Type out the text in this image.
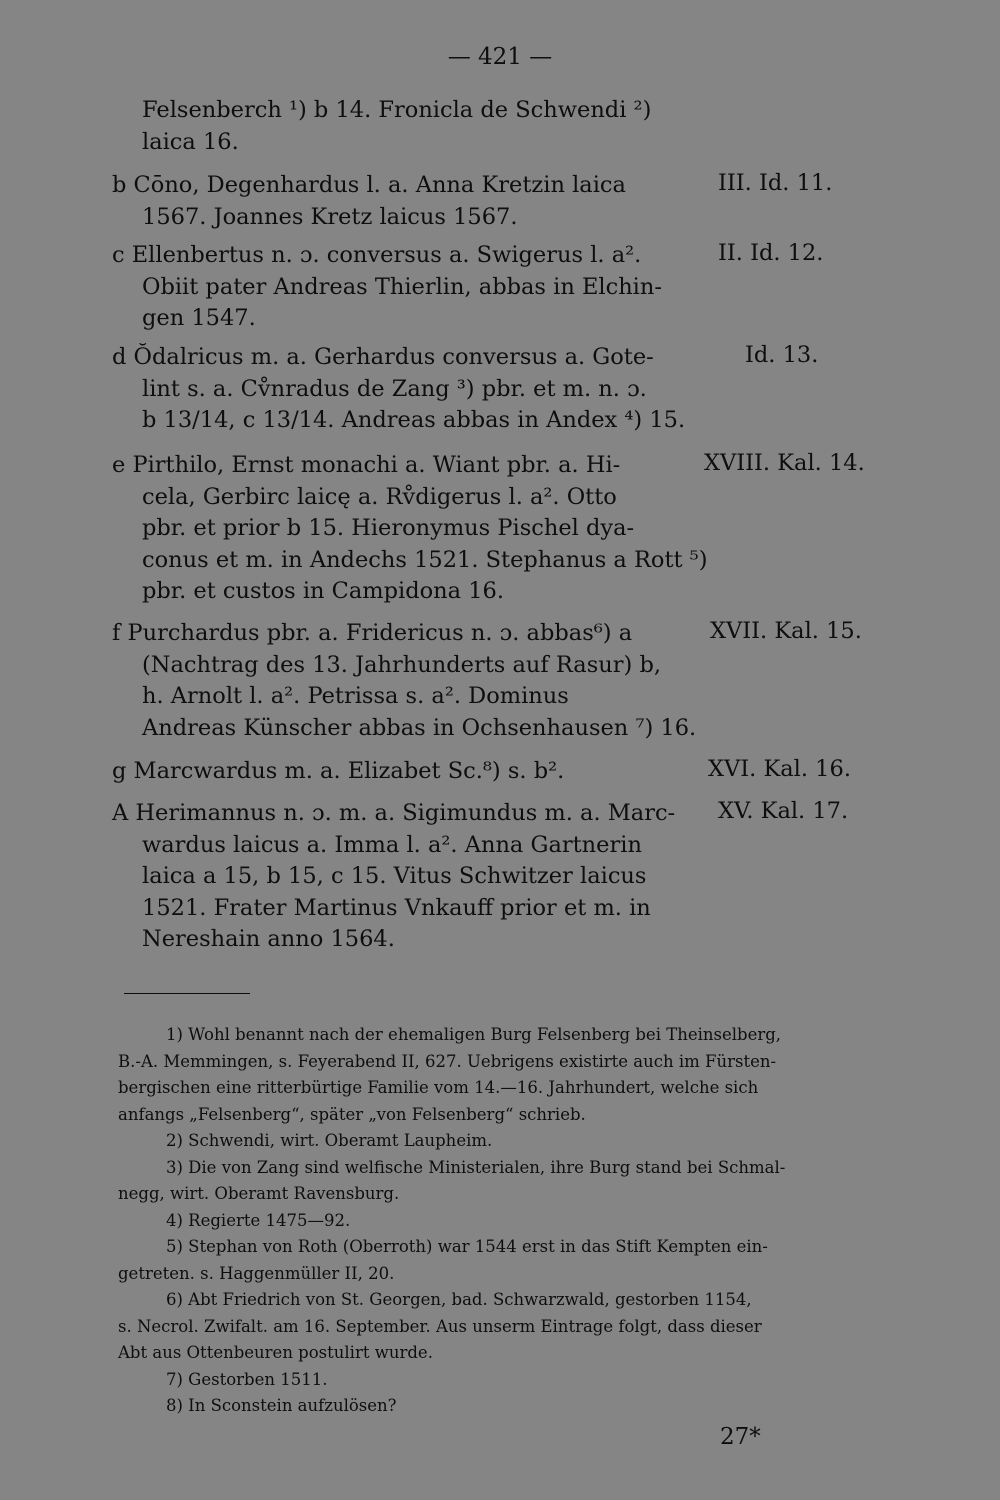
— 421 —
Felsenberch ¹) b 14. Fronicla de Schwendi ²)
laica 16.
b Cōno, Degenhardus l. a. Anna Kretzin laica
1567. Joannes Kretz laicus 1567.
III. Id. 11.
c Ellenbertus n. ɔ. conversus a. Swigerus l. a².
Obiit pater Andreas Thierlin, abbas in Elchin-
gen 1547.
II. Id. 12.
d Ŏdalricus m. a. Gerhardus conversus a. Gote-
lint s. a. Cv̊nradus de Zang ³) pbr. et m. n. ɔ.
b 13/14, c 13/14. Andreas abbas in Andex ⁴) 15.
Id. 13.
e Pirthilo, Ernst monachi a. Wiant pbr. a. Hi-
cela, Gerbirc laicę a. Rv̊digerus l. a². Otto
pbr. et prior b 15. Hieronymus Pischel dya-
conus et m. in Andechs 1521. Stephanus a Rott ⁵)
pbr. et custos in Campidona 16.
XVIII. Kal. 14.
f Purchardus pbr. a. Fridericus n. ɔ. abbas⁶) a
(Nachtrag des 13. Jahrhunderts auf Rasur) b,
h. Arnolt l. a². Petrissa s. a². Dominus
Andreas Künscher abbas in Ochsenhausen ⁷) 16.
XVII. Kal. 15.
g Marcwardus m. a. Elizabet Sc.⁸) s. b².	XVI. Kal. 16.
A Herimannus n. ɔ. m. a. Sigimundus m. a. Marc-
wardus laicus a. Imma l. a². Anna Gartnerin
laica a 15, b 15, c 15. Vitus Schwitzer laicus
1521. Frater Martinus Vnkauff prior et m. in
Nereshain anno 1564.
XV. Kal. 17.
1) Wohl benannt nach der ehemaligen Burg Felsenberg bei Theinselberg,
B.-A. Memmingen, s. Feyerabend II, 627. Uebrigens existirte auch im Fürsten-
bergischen eine ritterbürtige Familie vom 14.—16. Jahrhundert, welche sich
anfangs „Felsenberg“, später „von Felsenberg“ schrieb.
2) Schwendi, wirt. Oberamt Laupheim.
3) Die von Zang sind welfische Ministerialen, ihre Burg stand bei Schmal-
negg, wirt. Oberamt Ravensburg.
4) Regierte 1475—92.
5) Stephan von Roth (Oberroth) war 1544 erst in das Stift Kempten ein-
getreten. s. Haggenmüller II, 20.
6) Abt Friedrich von St. Georgen, bad. Schwarzwald, gestorben 1154,
s. Necrol. Zwifalt. am 16. September. Aus unserm Eintrage folgt, dass dieser
Abt aus Ottenbeuren postulirt wurde.
7) Gestorben 1511.
8) In Sconstein aufzulösen?
27*
